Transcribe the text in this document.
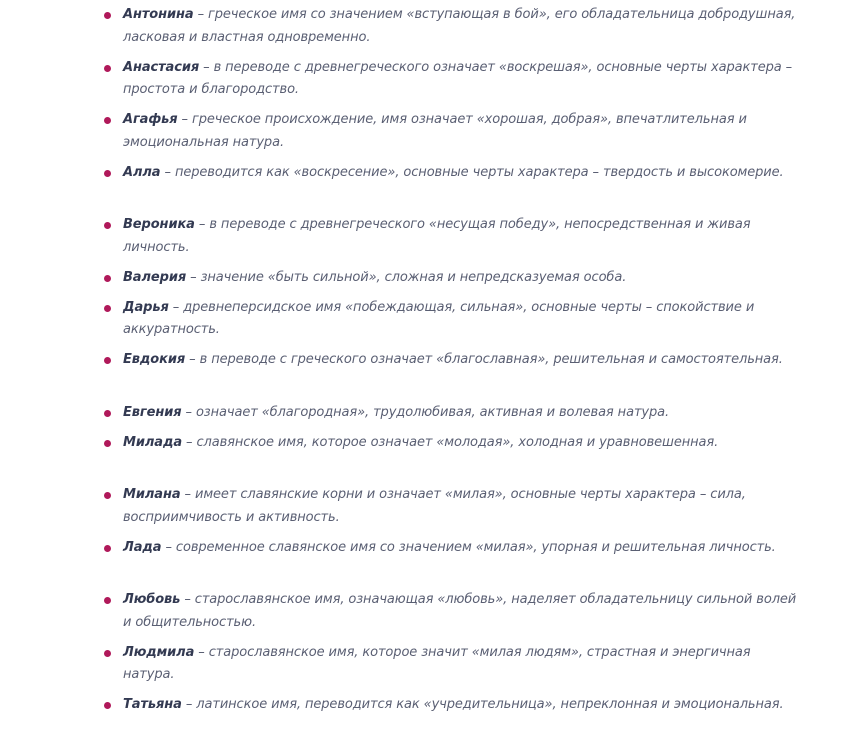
Антонина – греческое имя со значением «вступающая в бой», его обладательница добродушная, ласковая и властная одновременно.
Анастасия – в переводе с древнегреческого означает «воскрешая», основные черты характера – простота и благородство.
Агафья – греческое происхождение, имя означает «хорошая, добрая», впечатлительная и эмоциональная натура.
Алла – переводится как «воскресение», основные черты характера – твердость и высокомерие.
Вероника – в переводе с древнегреческого «несущая победу», непосредственная и живая личность.
Валерия – значение «быть сильной», сложная и непредсказуемая особа.
Дарья – древнеперсидское имя «побеждающая, сильная», основные черты – спокойствие и аккуратность.
Евдокия – в переводе с греческого означает «благославная», решительная и самостоятельная.
Евгения – означает «благородная», трудолюбивая, активная и волевая натура.
Милада – славянское имя, которое означает «молодая», холодная и уравновешенная.
Милана – имеет славянские корни и означает «милая», основные черты характера – сила, восприимчивость и активность.
Лада – современное славянское имя со значением «милая», упорная и решительная личность.
Любовь – старославянское имя, означающая «любовь», наделяет обладательницу сильной волей и общительностью.
Людмила – старославянское имя, которое значит «милая людям», страстная и энергичная натура.
Татьяна – латинское имя, переводится как «учредительница», непреклонная и эмоциональная.
